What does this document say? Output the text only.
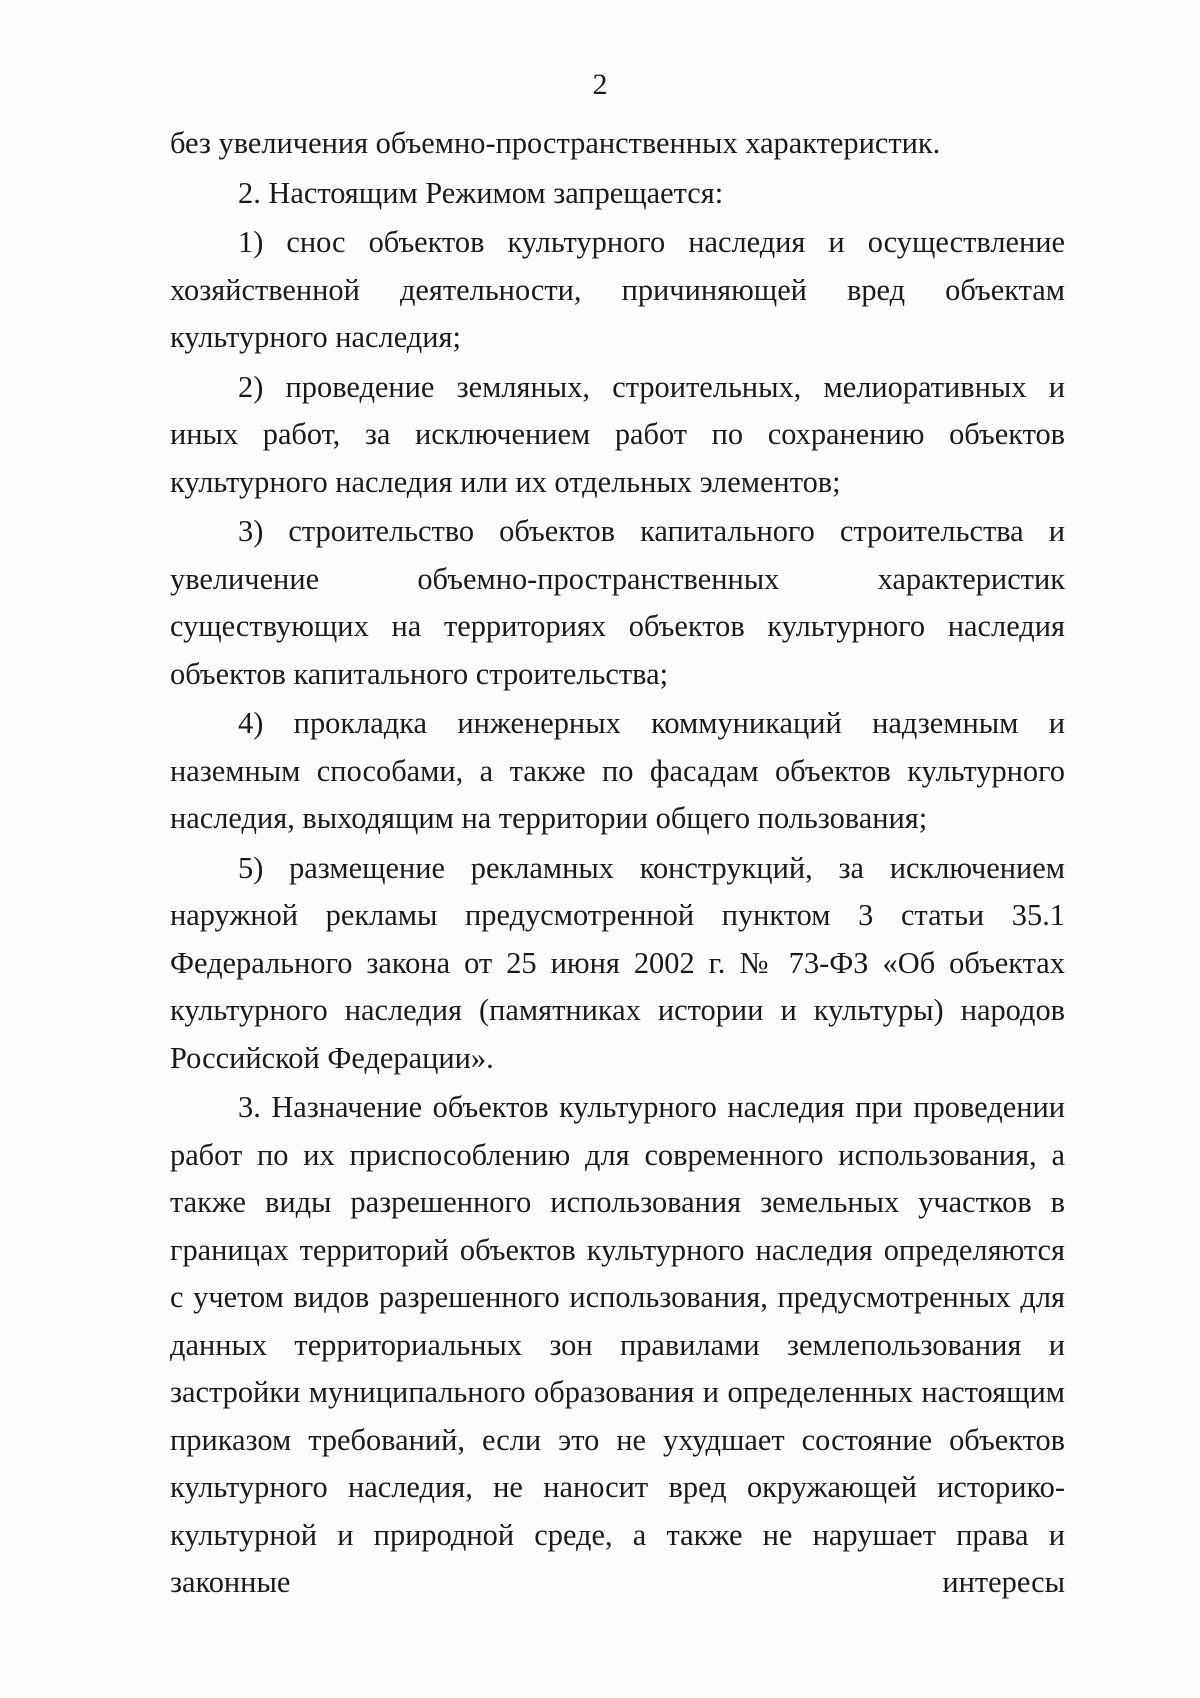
2

без увеличения объемно-пространственных характеристик.

2. Настоящим Режимом запрещается:

1) снос объектов культурного наследия и осуществление хозяйственной деятельности, причиняющей вред объектам культурного наследия;

2) проведение земляных, строительных, мелиоративных и иных работ, за исключением работ по сохранению объектов культурного наследия или их отдельных элементов;

3) строительство объектов капитального строительства и увеличение объемно-пространственных характеристик существующих на территориях объектов культурного наследия объектов капитального строительства;

4) прокладка инженерных коммуникаций надземным и наземным способами, а также по фасадам объектов культурного наследия, выходящим на территории общего пользования;

5) размещение рекламных конструкций, за исключением наружной рекламы предусмотренной пунктом 3 статьи 35.1 Федерального закона от 25 июня 2002 г. № 73-ФЗ «Об объектах культурного наследия (памятниках истории и культуры) народов Российской Федерации».

3. Назначение объектов культурного наследия при проведении работ по их приспособлению для современного использования, а также виды разрешенного использования земельных участков в границах территорий объектов культурного наследия определяются с учетом видов разрешенного использования, предусмотренных для данных территориальных зон правилами землепользования и застройки муниципального образования и определенных настоящим приказом требований, если это не ухудшает состояние объектов культурного наследия, не наносит вред окружающей историко-культурной и природной среде, а также не нарушает права и законные интересы
